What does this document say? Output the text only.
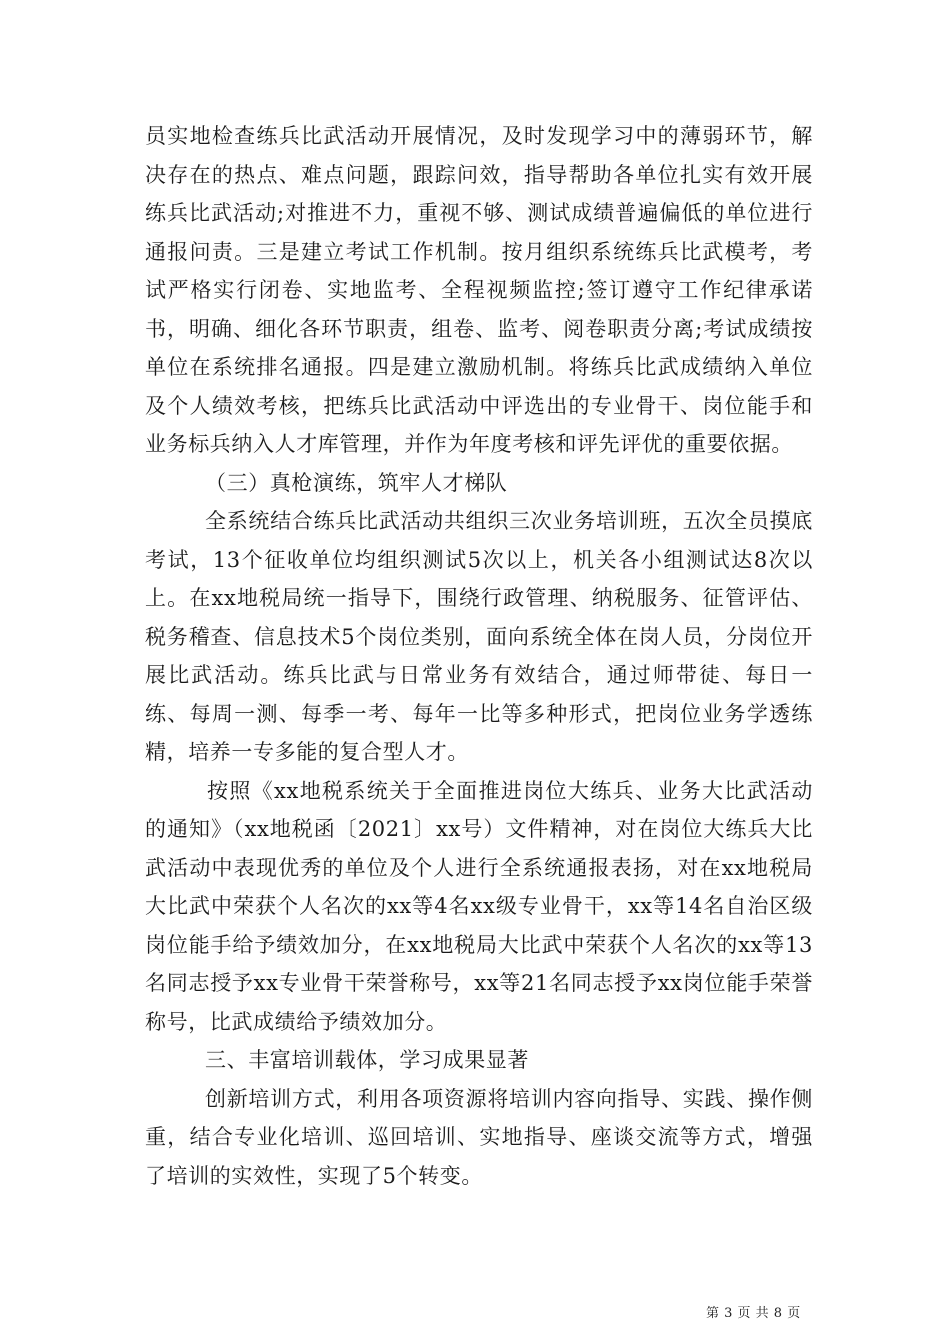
员实地检查练兵比武活动开展情况，及时发现学习中的薄弱环节，解决存在的热点、难点问题，跟踪问效，指导帮助各单位扎实有效开展练兵比武活动;对推进不力，重视不够、测试成绩普遍偏低的单位进行通报问责。三是建立考试工作机制。按月组织系统练兵比武模考，考试严格实行闭卷、实地监考、全程视频监控;签订遵守工作纪律承诺书，明确、细化各环节职责，组卷、监考、阅卷职责分离;考试成绩按单位在系统排名通报。四是建立激励机制。将练兵比武成绩纳入单位及个人绩效考核，把练兵比武活动中评选出的专业骨干、岗位能手和业务标兵纳入人才库管理，并作为年度考核和评先评优的重要依据。

（三）真枪演练，筑牢人才梯队

全系统结合练兵比武活动共组织三次业务培训班，五次全员摸底考试，13个征收单位均组织测试5次以上，机关各小组测试达8次以上。在xx地税局统一指导下，围绕行政管理、纳税服务、征管评估、税务稽查、信息技术5个岗位类别，面向系统全体在岗人员，分岗位开展比武活动。练兵比武与日常业务有效结合，通过师带徒、每日一练、每周一测、每季一考、每年一比等多种形式，把岗位业务学透练精，培养一专多能的复合型人才。

按照《xx地税系统关于全面推进岗位大练兵、业务大比武活动的通知》（xx地税函〔2021〕xx号）文件精神，对在岗位大练兵大比武活动中表现优秀的单位及个人进行全系统通报表扬，对在xx地税局大比武中荣获个人名次的xx等4名xx级专业骨干，xx等14名自治区级岗位能手给予绩效加分，在xx地税局大比武中荣获个人名次的xx等13名同志授予xx专业骨干荣誉称号，xx等21名同志授予xx岗位能手荣誉称号，比武成绩给予绩效加分。

三、丰富培训载体，学习成果显著

创新培训方式，利用各项资源将培训内容向指导、实践、操作侧重，结合专业化培训、巡回培训、实地指导、座谈交流等方式，增强了培训的实效性，实现了5个转变。

第 3 页 共 8 页
